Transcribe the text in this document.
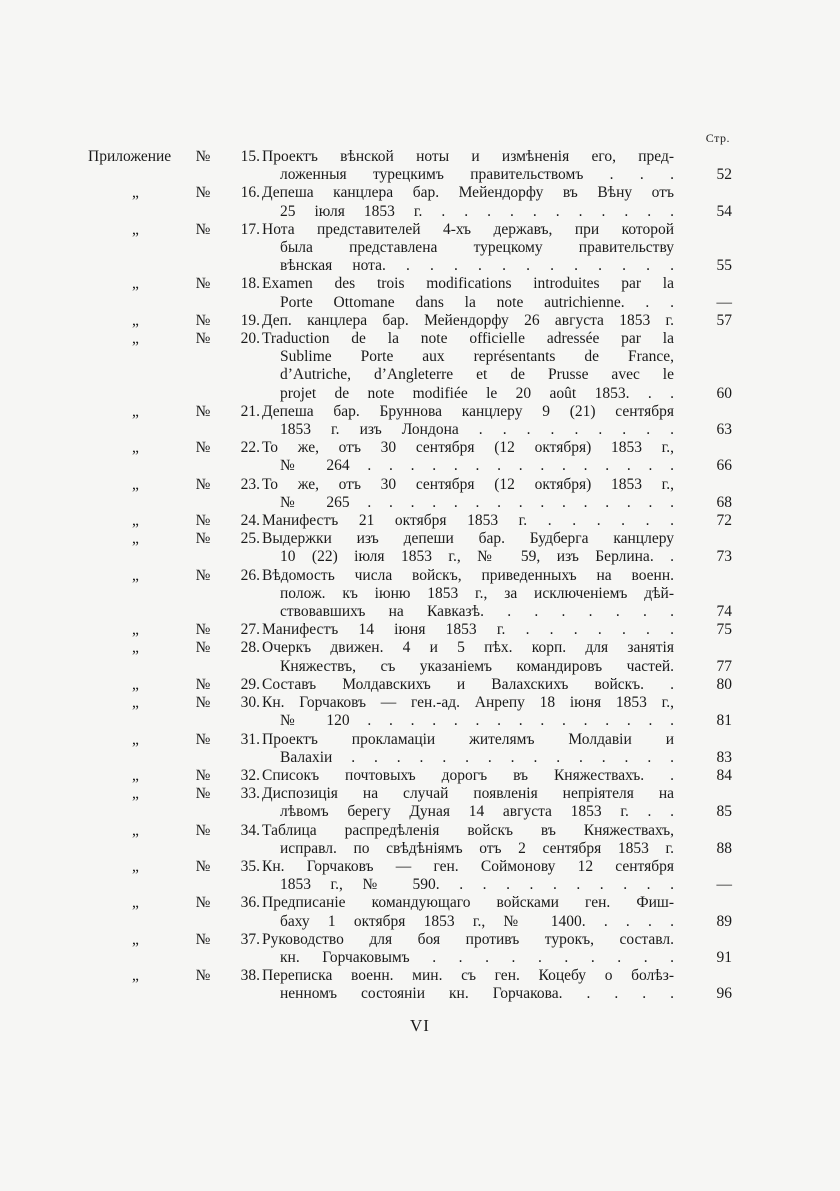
Стр.
Приложение	№	15. Проектъ вѣнской ноты и измѣненія его, пред-
ложенныя турецкимъ правительствомъ . . .	52
„	№	16. Депеша канцлера бар. Мейендорфу въ Вѣну отъ
25 іюля 1853 г. . . . . . . . . . . .	54
„	№	17. Нота представителей 4-хъ державъ, при которой
была представлена турецкому правительству
вѣнская нота. . . . . . . . . . . . .	55
„	№	18. Examen des trois modifications introduites par la
Porte Ottomane dans la note autrichienne. . .	—
„	№	19. Деп. канцлера бар. Мейендорфу 26 августа 1853 г.	57
„	№	20. Traduction de la note officielle adressée par la
Sublime Porte aux représentants de France,
d’Autriche, d’Angleterre et de Prusse avec le
projet de note modifiée le 20 août 1853. . .	60
„	№	21. Депеша бар. Бруннова канцлеру 9 (21) сентября
1853 г. изъ Лондона . . . . . . . . .	63
„	№	22. То же, отъ 30 сентября (12 октября) 1853 г.,
№ 264 . . . . . . . . . . . . . . .	66
„	№	23. То же, отъ 30 сентября (12 октября) 1853 г.,
№ 265 . . . . . . . . . . . . . . .	68
„	№	24. Манифестъ 21 октября 1853 г. . . . . . .	72
„	№	25. Выдержки изъ депеши бар. Будберга канцлеру
10 (22) іюля 1853 г., № 59, изъ Берлина. .	73
„	№	26. Вѣдомость числа войскъ, приведенныхъ на военн.
полож. къ іюню 1853 г., за исключеніемъ дѣй-
ствовавшихъ на Кавказѣ. . . . . . . .	74
„	№	27. Манифестъ 14 іюня 1853 г. . . . . . . .	75
„	№	28. Очеркъ движен. 4 и 5 пѣх. корп. для занятія
Княжествъ, съ указаніемъ командировъ частей.	77
„	№	29. Составъ Молдавскихъ и Валахскихъ войскъ. .	80
„	№	30. Кн. Горчаковъ — ген.-ад. Анрепу 18 іюня 1853 г.,
№ 120 . . . . . . . . . . . . . . .	81
„	№	31. Проектъ прокламаціи жителямъ Молдавіи и
Валахіи . . . . . . . . . . . . . . .	83
„	№	32. Списокъ почтовыхъ дорогъ въ Княжествахъ. .	84
„	№	33. Диспозиція на случай появленія непріятеля на
лѣвомъ берегу Дуная 14 августа 1853 г. . .	85
„	№	34. Таблица распредѣленія войскъ въ Княжествахъ,
исправл. по свѣдѣніямъ отъ 2 сентября 1853 г.	88
„	№	35. Кн. Горчаковъ — ген. Соймонову 12 сентября
1853 г., № 590. . . . . . . . . . .	—
„	№	36. Предписаніе командующаго войсками ген. Фиш-
баху 1 октября 1853 г., № 1400. . . . .	89
„	№	37. Руководство для боя противъ турокъ, составл.
кн. Горчаковымъ . . . . . . . . . .	91
„	№	38. Переписка военн. мин. съ ген. Коцебу о болѣз-
ненномъ состояніи кн. Горчакова. . . . .	96
VI
